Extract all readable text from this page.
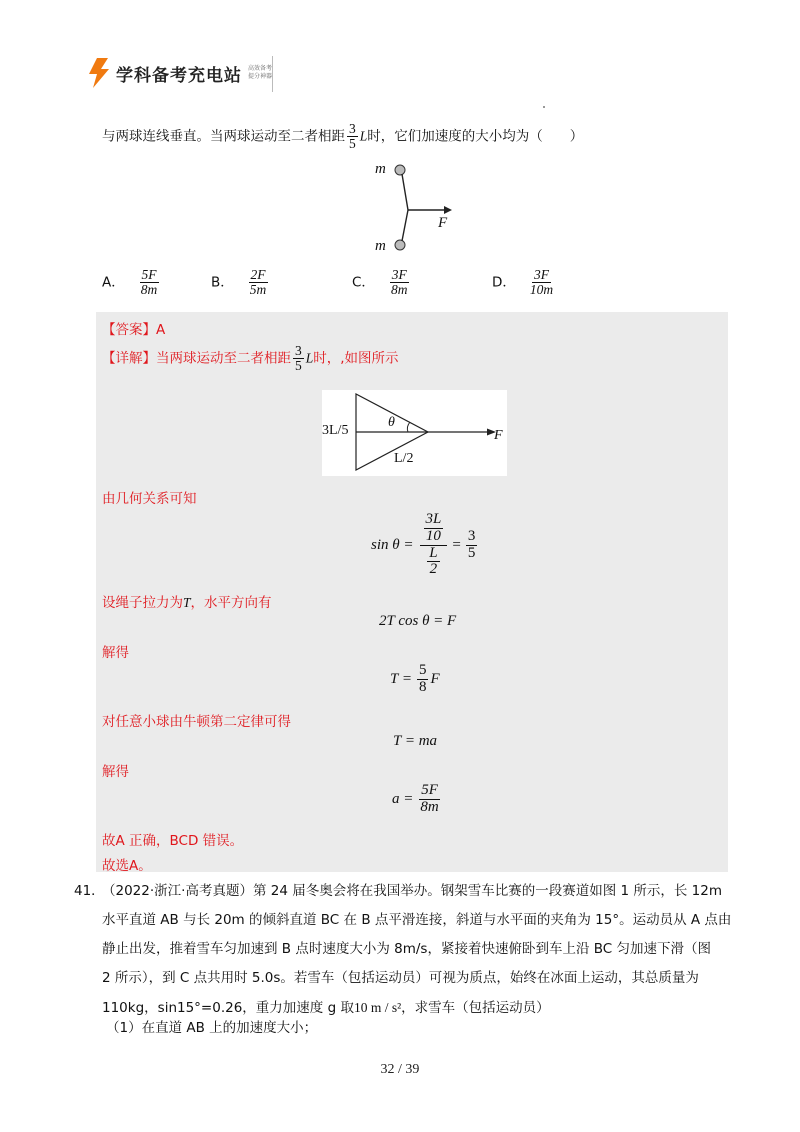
学科备考充电站 高效备考
提分神器
与两球连线垂直。当两球运动至二者相距 $\frac{3}{5}$ L时，它们加速度的大小均为（　　）
m
m
F
A． $\frac{5F}{8m}$	B． $\frac{2F}{5m}$	C． $\frac{3F}{8m}$	D． $\frac{3F}{10m}$
【答案】A
【详解】当两球运动至二者相距 $\frac{3}{5}$ L时，,如图所示
3L/5
θ
L/2
F
由几何关系可知
$\sin \theta = \frac{\frac{3L}{10}}{\frac{L}{2}} = \frac{3}{5}$
设绳子拉力为T，水平方向有
2T cos θ = F
解得
$T = \frac{5}{8}$ F
对任意小球由牛顿第二定律可得
T = ma
解得
$a = \frac{5F}{8m}$
故A 正确，BCD 错误。
故选A。
41．
（2022·浙江·高考真题）第 24 届冬奥会将在我国举办。钢架雪车比赛的一段赛道如图 1 所示，长 12m
水平直道 AB 与长 20m 的倾斜直道 BC 在 B 点平滑连接，斜道与水平面的夹角为 15°。运动员从 A 点由
静止出发，推着雪车匀加速到 B 点时速度大小为 8m/s，紧接着快速俯卧到车上沿 BC 匀加速下滑（图
2 所示），到 C 点共用时 5.0s。若雪车（包括运动员）可视为质点，始终在冰面上运动，其总质量为
110kg，sin15°=0.26，重力加速度 g 取10 m / s²，求雪车（包括运动员）
（1）在直道 AB 上的加速度大小；
32 / 39
